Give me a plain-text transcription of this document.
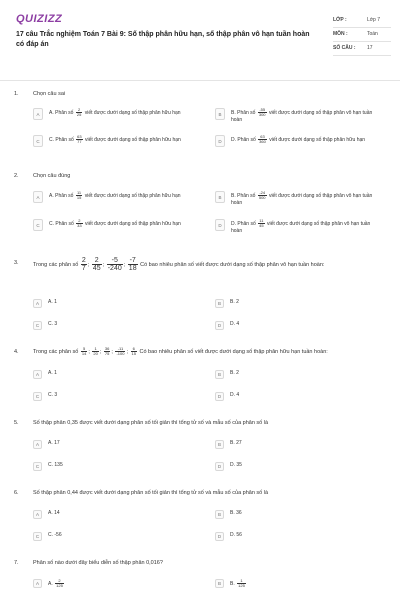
QUIZIZZ
17 câu Trắc nghiệm Toán 7 Bài 9: Số thập phân hữu hạn, số thập phân vô hạn tuần hoàn có đáp án
LỚP :	Lớp 7
MÔN :	Toán
SỐ CÂU : 17
1.	Chọn câu sai
A	A. Phân số $\frac{2}{25}$ viết được dưới dạng số thập phân hữu hạn	B	B. Phân số $\frac{-55}{300}$ viết được dưới dạng số thập phân vô hạn tuần hoàn
C	C. Phân số $\frac{63}{77}$ viết được dưới dạng số thập phân hữu hạn	D	D. Phân số $\frac{63}{360}$ viết được dưới dạng số thập phân hữu hạn
2.	Chọn câu đúng
A	A. Phân số $\frac{11}{15}$ viết được dưới dạng số thập phân hữu hạn	B	B. Phân số $\frac{-24}{500}$ viết được dưới dạng số thập phân vô hạn tuần hoàn
C	C. Phân số $\frac{2}{33}$ viết được dưới dạng số thập phân hữu hạn	D	D. Phân số $\frac{11}{45}$ viết được dưới dạng số thập phân vô hạn tuần hoàn
3.	Trong các phân số $\frac{2}{7}$ ; $\frac{2}{45}$ ; $\frac{-5}{-240}$ ; $\frac{-7}{18}$ Có bao nhiêu phân số viết được dưới dạng số thập phân vô hạn tuần hoàn:
A	A. 1	B	B. 2
C	C. 3	D	D. 4
4.	Trong các phân số $\frac{5}{14}$ ; $\frac{1}{20}$ ; $\frac{36}{75}$ ; $\frac{-11}{-100}$ ; $\frac{6}{15}$ Có bao nhiêu phân số viết được dưới dạng số thập phân hữu hạn tuần hoàn:
A	A. 1	B	B. 2
C	C. 3	D	D. 4
5.	Số thập phân 0,35 được viết dưới dạng phân số tối giản thì tổng tử số và mẫu số của phân số là
A	A. 17	B	B. 27
C	C. 135	D	D. 35
6.	Số thập phân 0,44 được viết dưới dạng phân số tối giản thì tổng tử số và mẫu số của phân số là
A	A. 14	B	B. 36
C	C. -56	D	D. 56
7.	Phân số nào dưới đây biểu diễn số thập phân 0,016?
A	A. $\frac{2}{125}$	B	B. $\frac{1}{125}$
